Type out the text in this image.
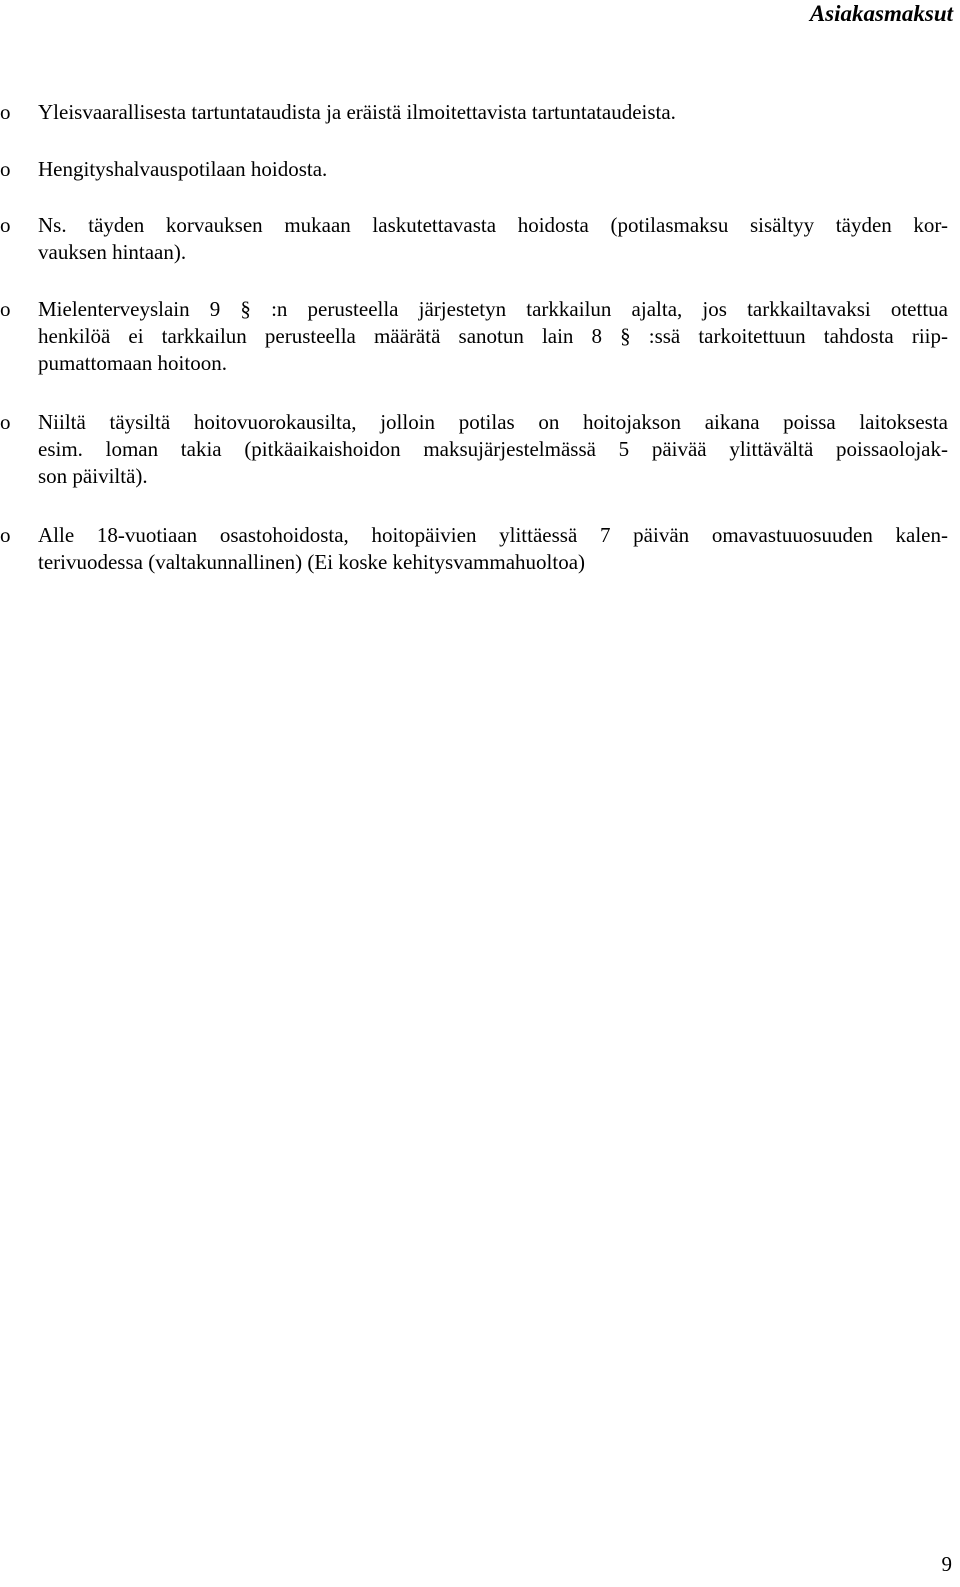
Asiakasmaksut
o	Yleisvaarallisesta tartuntataudista ja eräistä ilmoitettavista tartuntataudeista.
o	Hengityshalvauspotilaan hoidosta.
o	Ns. täyden korvauksen mukaan laskutettavasta hoidosta (potilasmaksu sisältyy täyden kor-
vauksen hintaan).
o	Mielenterveyslain 9 § :n perusteella järjestetyn tarkkailun ajalta, jos tarkkailtavaksi otettua
henkilöä ei tarkkailun perusteella määrätä sanotun lain 8 § :ssä tarkoitettuun tahdosta riip-
pumattomaan hoitoon.
o	Niiltä täysiltä hoitovuorokausilta, jolloin potilas on hoitojakson aikana poissa laitoksesta
esim. loman takia (pitkäaikaishoidon maksujärjestelmässä 5 päivää ylittävältä poissaolojak-
son päiviltä).
o	Alle 18-vuotiaan osastohoidosta, hoitopäivien ylittäessä 7 päivän omavastuuosuuden kalen-
terivuodessa (valtakunnallinen) (Ei koske kehitysvammahuoltoa)
9
